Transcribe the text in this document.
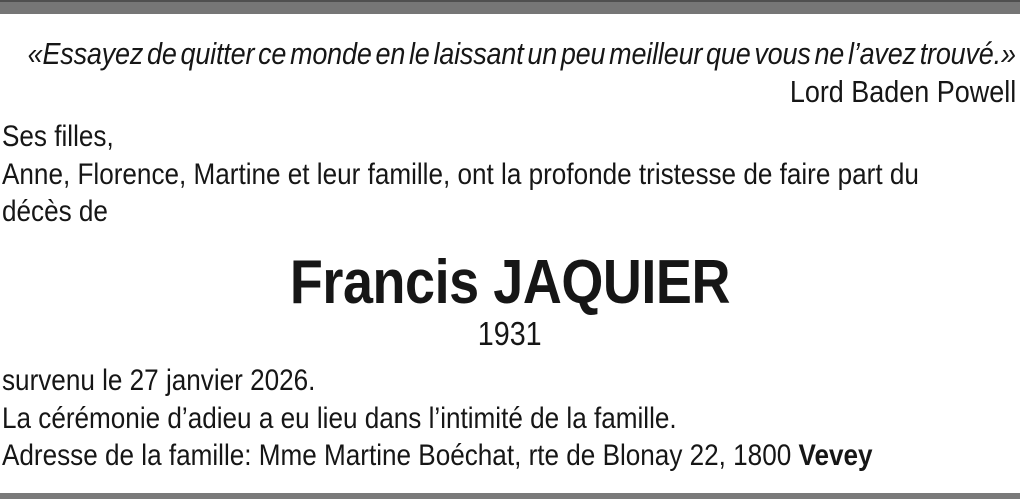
«Essayez de quitter ce monde en le laissant un peu meilleur que vous ne l’avez trouvé.»
Lord Baden Powell
Ses filles,
Anne, Florence, Martine et leur famille, ont la profonde tristesse de faire part du
décès de
Francis JAQUIER
1931
survenu le 27 janvier 2026.
La cérémonie d’adieu a eu lieu dans l’intimité de la famille.
Adresse de la famille: Mme Martine Boéchat, rte de Blonay 22, 1800 Vevey
